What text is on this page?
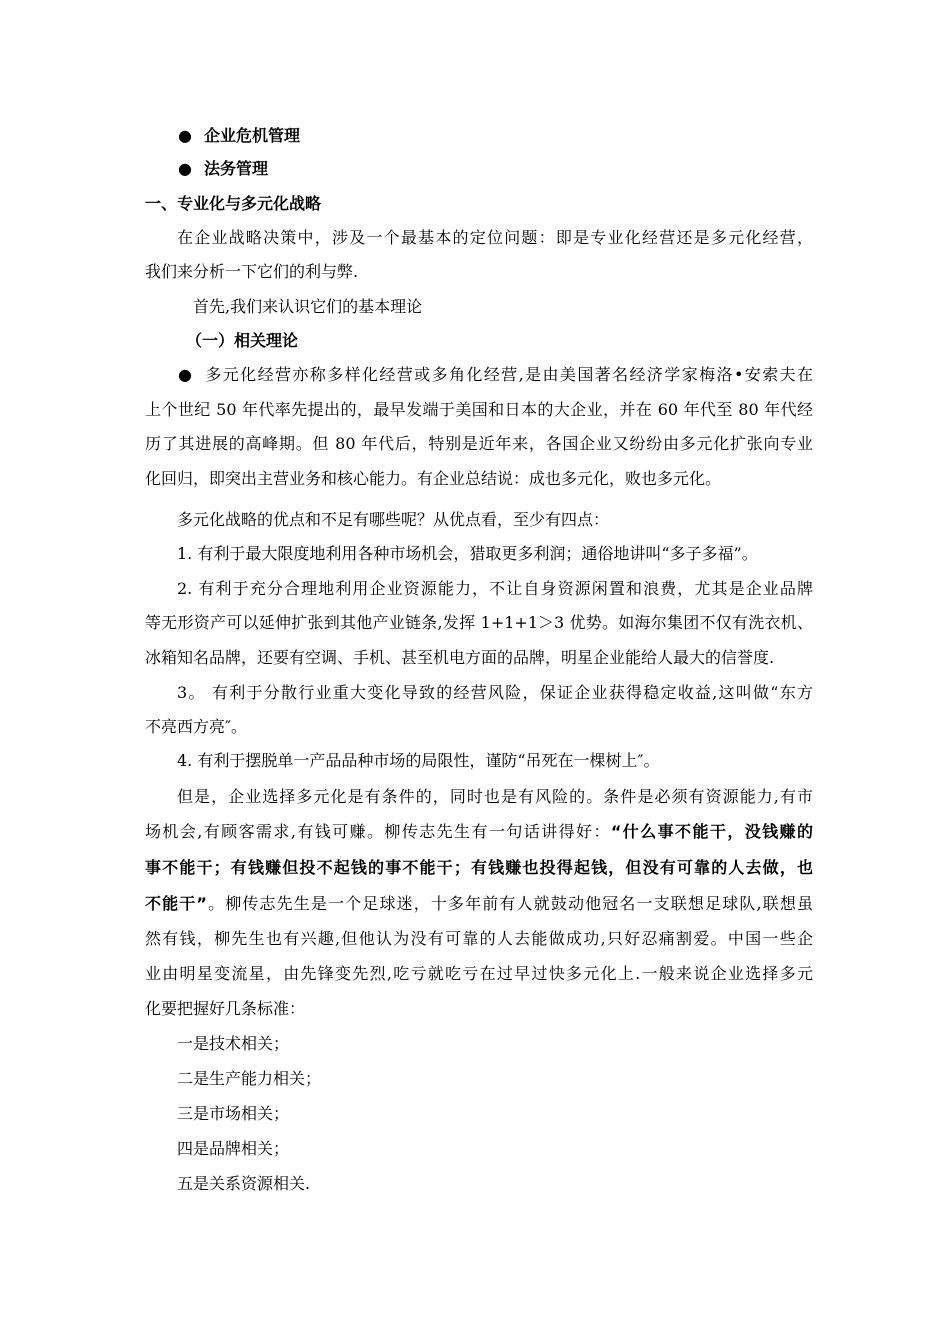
● 企业危机管理
● 法务管理
一、专业化与多元化战略
在企业战略决策中，涉及一个最基本的定位问题：即是专业化经营还是多元化经营，
我们来分析一下它们的利与弊.
首先,我们来认识它们的基本理论
（一）相关理论
● 多元化经营亦称多样化经营或多角化经营,是由美国著名经济学家梅洛•安索夫在
上个世纪 50 年代率先提出的，最早发端于美国和日本的大企业，并在 60 年代至 80 年代经
历了其进展的高峰期。但 80 年代后，特别是近年来，各国企业又纷纷由多元化扩张向专业
化回归，即突出主营业务和核心能力。有企业总结说：成也多元化，败也多元化。
多元化战略的优点和不足有哪些呢？从优点看，至少有四点：
1. 有利于最大限度地利用各种市场机会，猎取更多利润；通俗地讲叫“多子多福”。
2. 有利于充分合理地利用企业资源能力，不让自身资源闲置和浪费，尤其是企业品牌
等无形资产可以延伸扩张到其他产业链条,发挥 1+1+1＞3 优势。如海尔集团不仅有洗衣机、
冰箱知名品牌，还要有空调、手机、甚至机电方面的品牌，明星企业能给人最大的信誉度.
3。 有利于分散行业重大变化导致的经营风险，保证企业获得稳定收益,这叫做“东方
不亮西方亮″。
4. 有利于摆脱单一产品品种市场的局限性，谨防“吊死在一棵树上″。
但是，企业选择多元化是有条件的，同时也是有风险的。条件是必须有资源能力,有市
场机会,有顾客需求,有钱可赚。柳传志先生有一句话讲得好：“什么事不能干，没钱赚的
事不能干；有钱赚但投不起钱的事不能干；有钱赚也投得起钱，但没有可靠的人去做，也
不能干”。柳传志先生是一个足球迷，十多年前有人就鼓动他冠名一支联想足球队,联想虽
然有钱，柳先生也有兴趣,但他认为没有可靠的人去能做成功,只好忍痛割爱。中国一些企
业由明星变流星，由先锋变先烈,吃亏就吃亏在过早过快多元化上.一般来说企业选择多元
化要把握好几条标准：
一是技术相关；
二是生产能力相关；
三是市场相关；
四是品牌相关；
五是关系资源相关.
